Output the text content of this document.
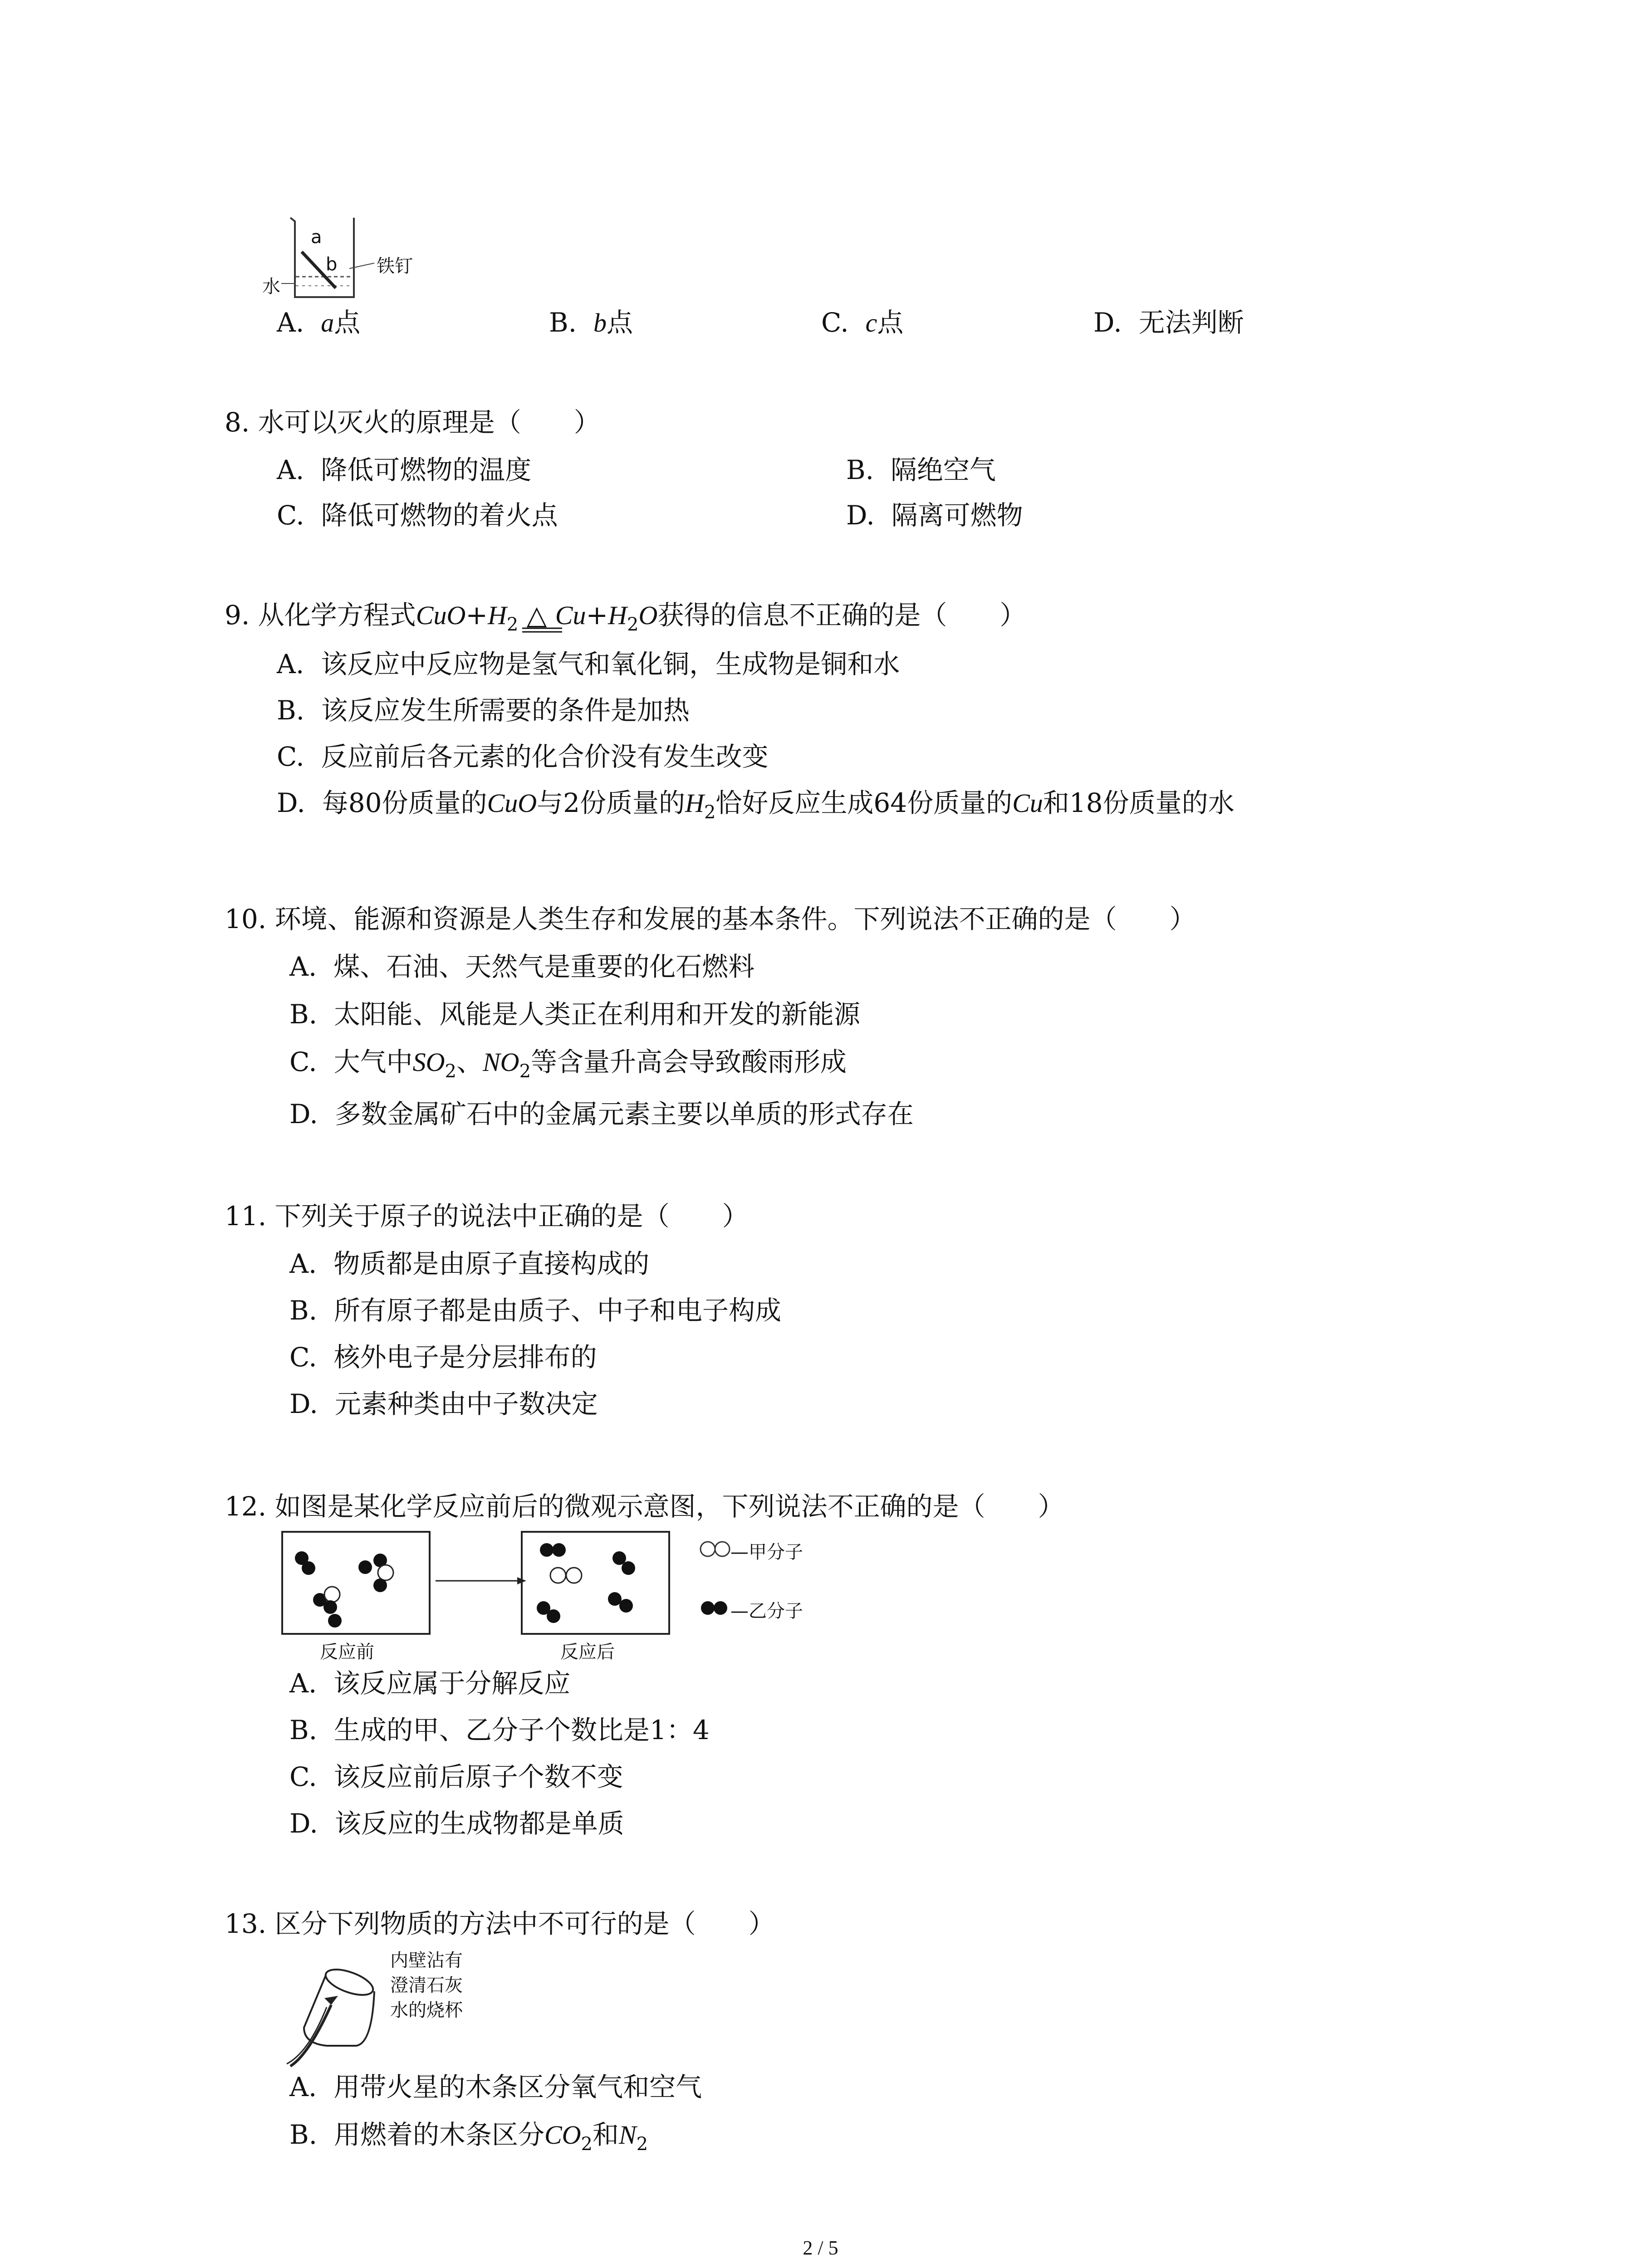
a
b
水
铁钉
A. a点	B. b点	C. c点	D. 无法判断
8. 水可以灭火的原理是（　　）
A. 降低可燃物的温度	B. 隔绝空气
C. 降低可燃物的着火点	D. 隔离可燃物
9. 从化学方程式$CuO+H_2$ △ $Cu+H_2O$获得的信息不正确的是（　　）
A. 该反应中反应物是氢气和氧化铜，生成物是铜和水
B. 该反应发生所需要的条件是加热
C. 反应前后各元素的化合价没有发生改变
D. 每80份质量的CuO与2份质量的$H_2$恰好反应生成64份质量的Cu和18份质量的水
10. 环境、能源和资源是人类生存和发展的基本条件。下列说法不正确的是（　　）
A. 煤、石油、天然气是重要的化石燃料
B. 太阳能、风能是人类正在利用和开发的新能源
C. 大气中$SO_2$、$NO_2$等含量升高会导致酸雨形成
D. 多数金属矿石中的金属元素主要以单质的形式存在
11. 下列关于原子的说法中正确的是（　　）
A. 物质都是由原子直接构成的
B. 所有原子都是由质子、中子和电子构成
C. 核外电子是分层排布的
D. 元素种类由中子数决定
12. 如图是某化学反应前后的微观示意图，下列说法不正确的是（　　）
反应前	反应后
—甲分子
—乙分子
A. 该反应属于分解反应
B. 生成的甲、乙分子个数比是1：4
C. 该反应前后原子个数不变
D. 该反应的生成物都是单质
13. 区分下列物质的方法中不可行的是（　　）
内壁沾有
澄清石灰
水的烧杯
A. 用带火星的木条区分氧气和空气
B. 用燃着的木条区分$CO_2$和$N_2$
2 / 5
